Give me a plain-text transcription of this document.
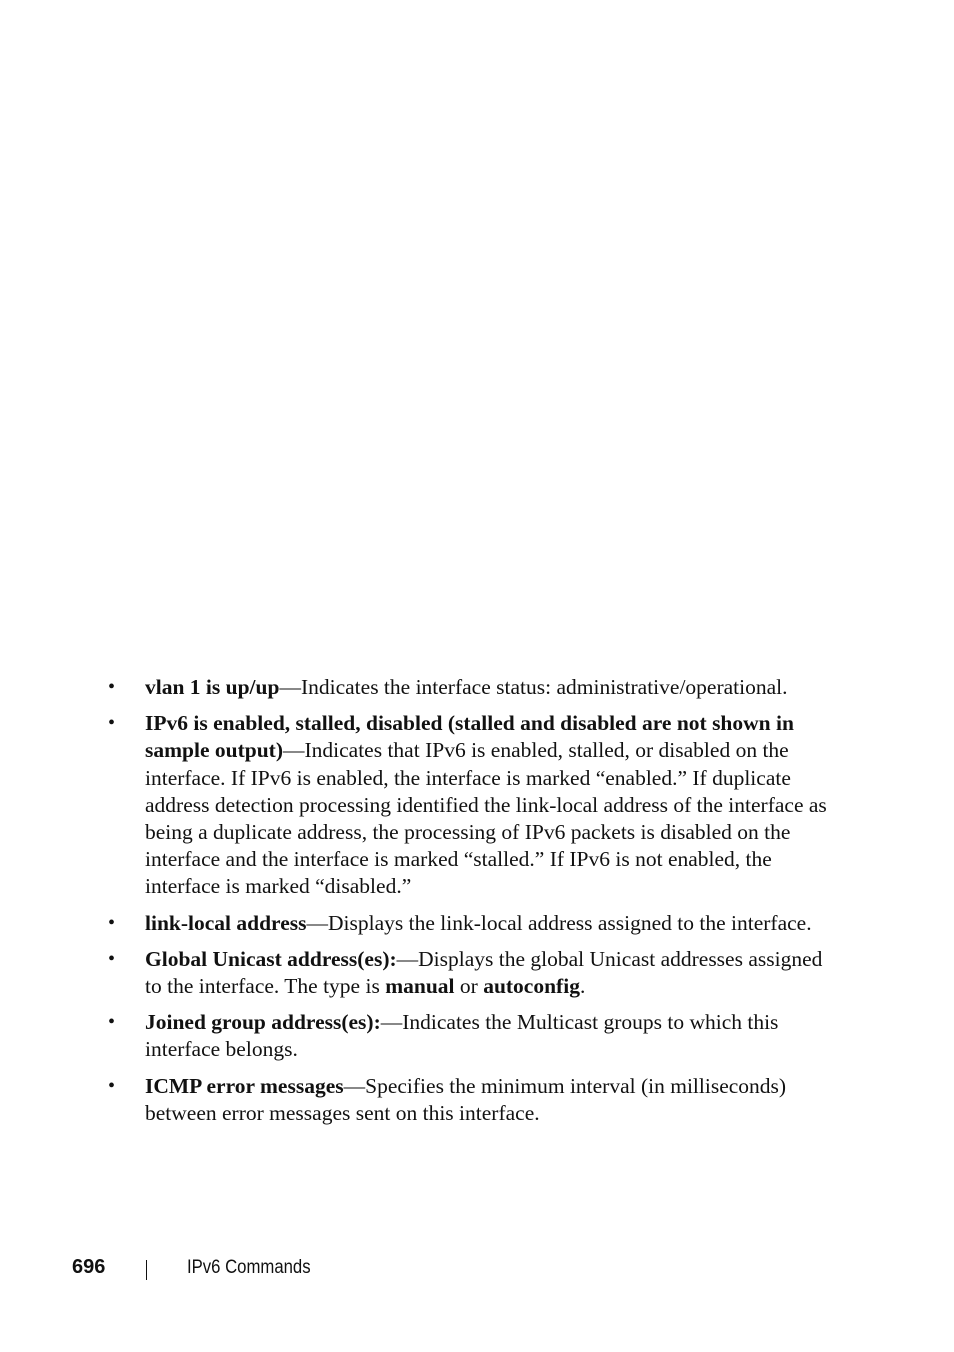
• vlan 1 is up/up—Indicates the interface status: administrative/operational.
• IPv6 is enabled, stalled, disabled (stalled and disabled are not shown in sample output)—Indicates that IPv6 is enabled, stalled, or disabled on the interface. If IPv6 is enabled, the interface is marked “enabled.” If duplicate address detection processing identified the link-local address of the interface as being a duplicate address, the processing of IPv6 packets is disabled on the interface and the interface is marked “stalled.” If IPv6 is not enabled, the interface is marked “disabled.”
• link-local address—Displays the link-local address assigned to the interface.
• Global Unicast address(es):—Displays the global Unicast addresses assigned to the interface. The type is manual or autoconfig.
• Joined group address(es):—Indicates the Multicast groups to which this interface belongs.
• ICMP error messages—Specifies the minimum interval (in milliseconds) between error messages sent on this interface.
696	IPv6 Commands
